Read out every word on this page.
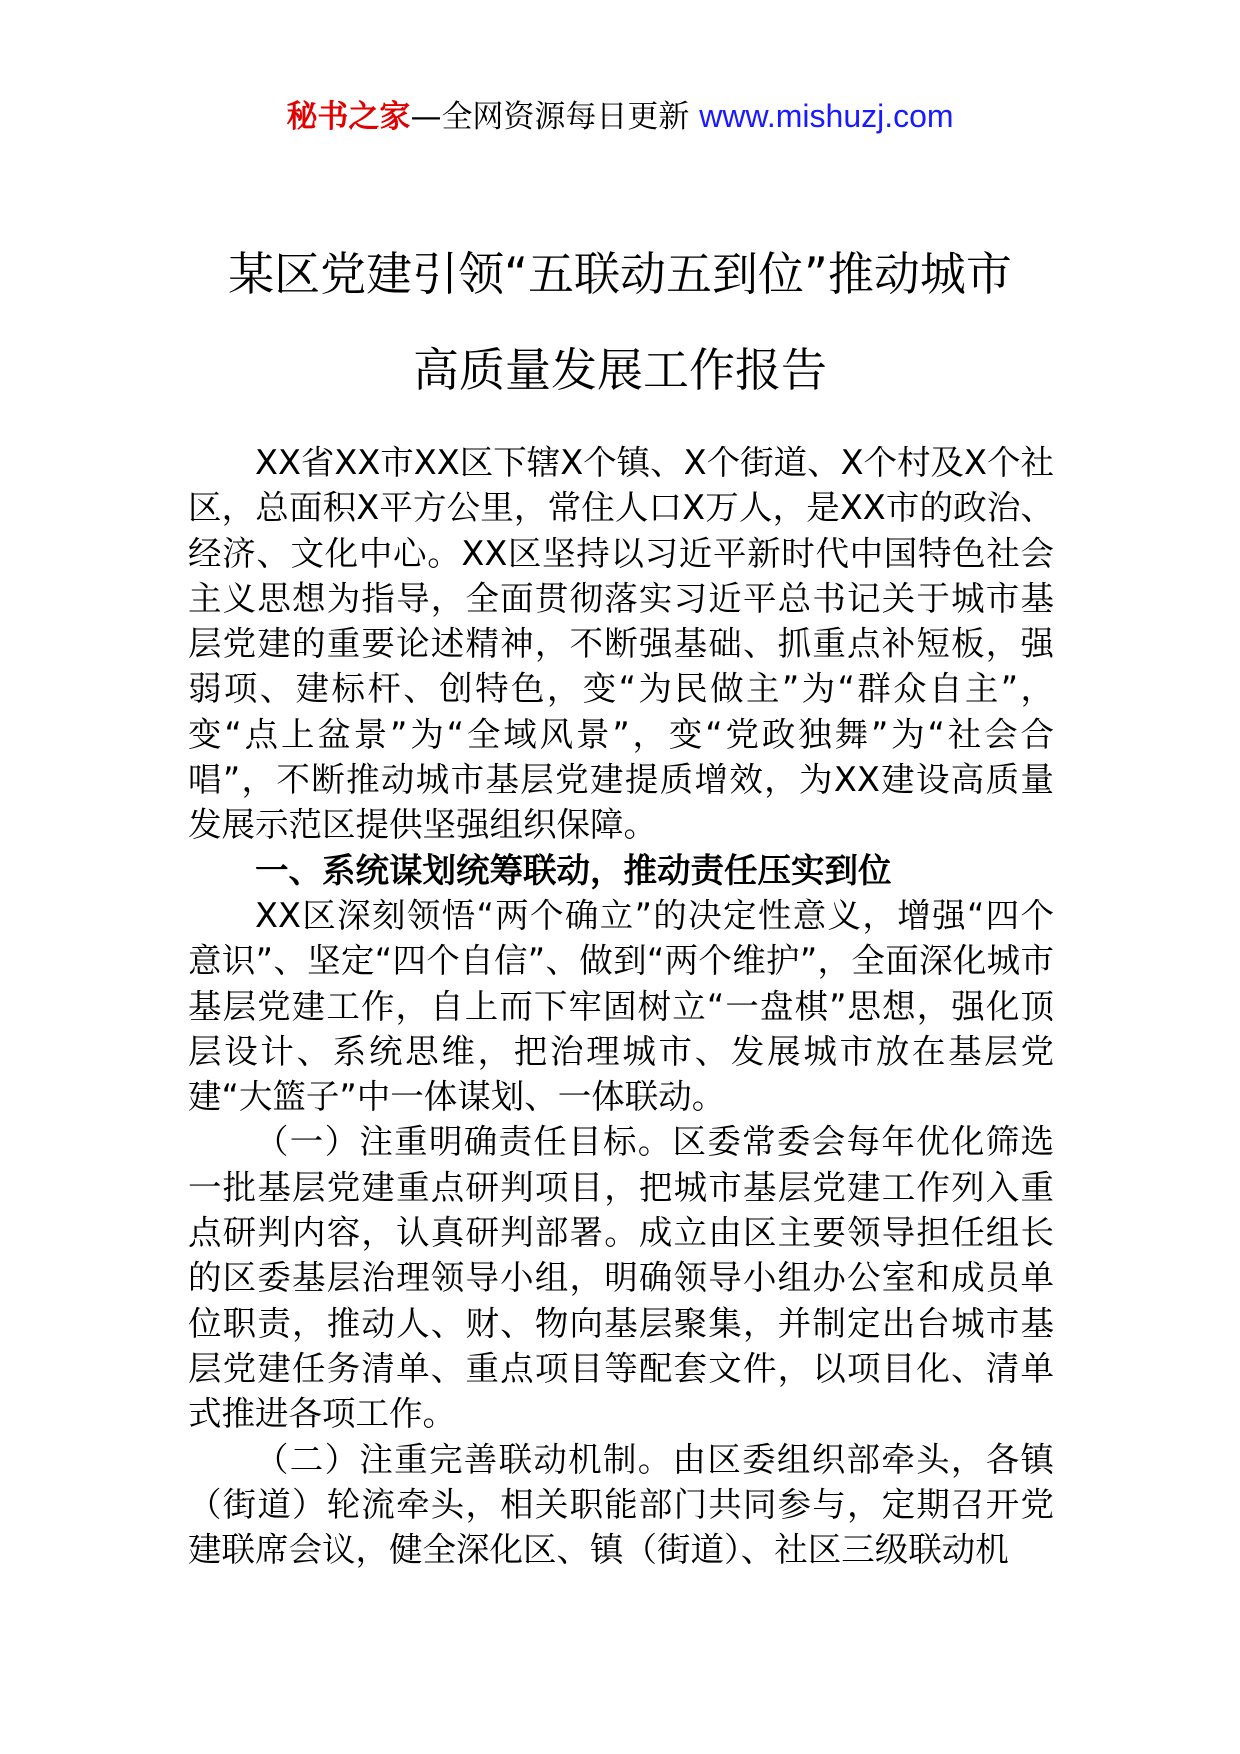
秘书之家—全网资源每日更新 www.mishuzj.com
某区党建引领“五联动五到位”推动城市
高质量发展工作报告

XX省XX市XX区下辖X个镇、X个街道、X个村及X个社区，总面积X平方公里，常住人口X万人，是XX市的政治、经济、文化中心。XX区坚持以习近平新时代中国特色社会主义思想为指导，全面贯彻落实习近平总书记关于城市基层党建的重要论述精神，不断强基础、抓重点补短板，强弱项、建标杆、创特色，变“为民做主”为“群众自主”，变“点上盆景”为“全域风景”，变“党政独舞”为“社会合唱”，不断推动城市基层党建提质增效，为XX建设高质量发展示范区提供坚强组织保障。

一、系统谋划统筹联动，推动责任压实到位

XX区深刻领悟“两个确立”的决定性意义，增强“四个意识”、坚定“四个自信”、做到“两个维护”，全面深化城市基层党建工作，自上而下牢固树立“一盘棋”思想，强化顶层设计、系统思维，把治理城市、发展城市放在基层党建“大篮子”中一体谋划、一体联动。

（一）注重明确责任目标。区委常委会每年优化筛选一批基层党建重点研判项目，把城市基层党建工作列入重点研判内容，认真研判部署。成立由区主要领导担任组长的区委基层治理领导小组，明确领导小组办公室和成员单位职责，推动人、财、物向基层聚集，并制定出台城市基层党建任务清单、重点项目等配套文件，以项目化、清单式推进各项工作。

（二）注重完善联动机制。由区委组织部牵头，各镇（街道）轮流牵头，相关职能部门共同参与，定期召开党建联席会议，健全深化区、镇（街道）、社区三级联动机
